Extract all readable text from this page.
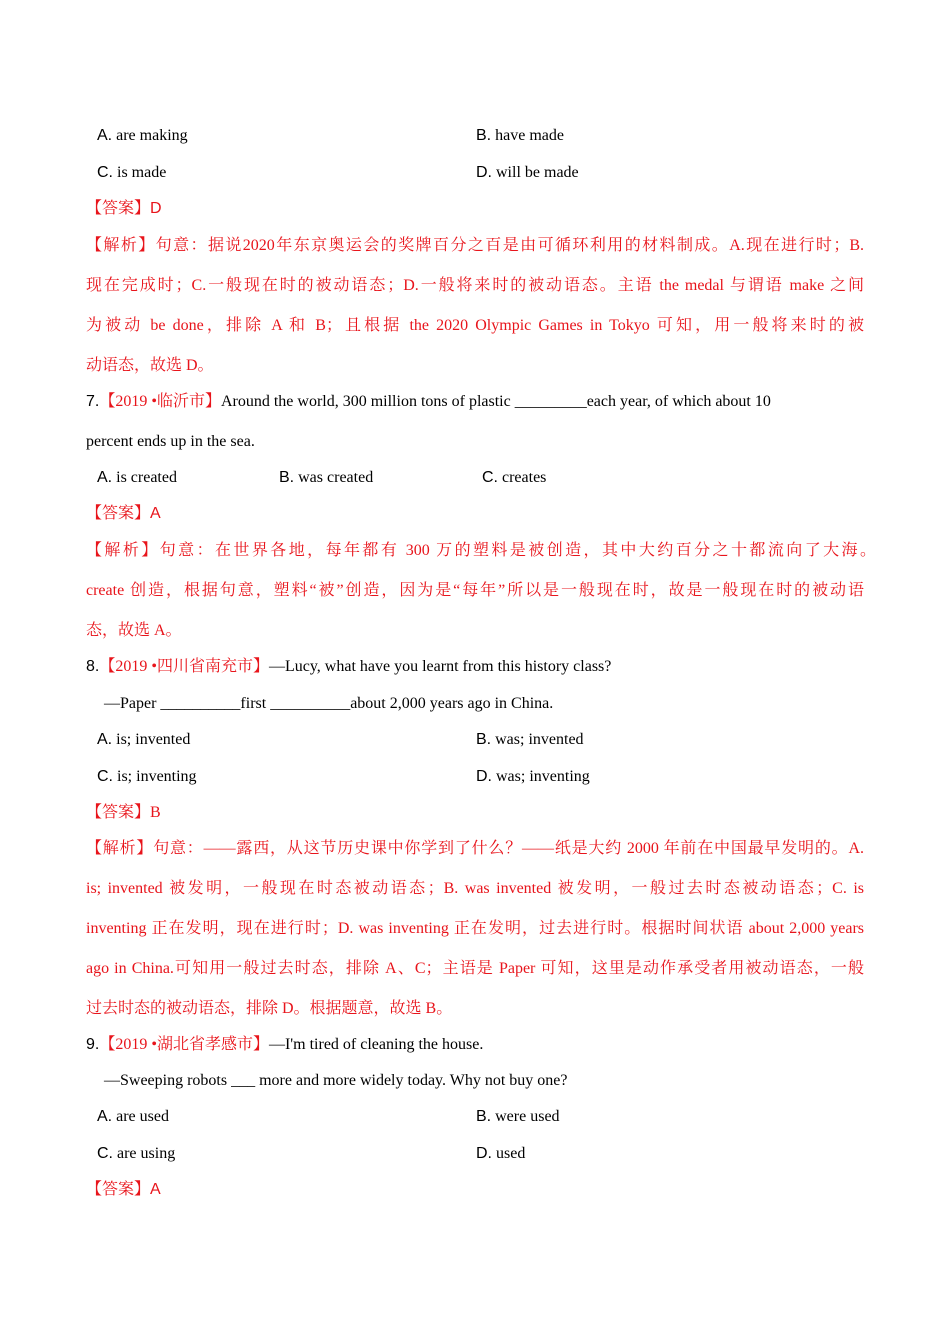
A. are making	B. have made
C. is made	D. will be made
【答案】D
【解析】句意：据说2020年东京奥运会的奖牌百分之百是由可循环利用的材料制成。A.现在进行时；B.
现在完成时；C.一般现在时的被动语态；D.一般将来时的被动语态。主语 the medal 与谓语 make 之间
为被动 be done，排除 A 和 B；且根据 the 2020 Olympic Games in Tokyo 可知，用一般将来时的被
动语态，故选 D。
7.【2019 •临沂市】Around the world, 300 million tons of plastic _________each year, of which about 10
percent ends up in the sea.
A. is created	B. was created	C. creates
【答案】A
【解析】句意：在世界各地，每年都有 300 万的塑料是被创造，其中大约百分之十都流向了大海。
create 创造，根据句意，塑料“被”创造，因为是“每年”所以是一般现在时，故是一般现在时的被动语
态，故选 A。
8.【2019 •四川省南充市】—Lucy, what have you learnt from this history class?
—Paper __________first __________about 2,000 years ago in China.
A. is; invented	B. was; invented
C. is; inventing	D. was; inventing
【答案】B
【解析】句意：——露西，从这节历史课中你学到了什么？——纸是大约 2000 年前在中国最早发明的。A.
is; invented 被发明，一般现在时态被动语态；B. was invented 被发明，一般过去时态被动语态；C. is
inventing 正在发明，现在进行时；D. was inventing 正在发明，过去进行时。根据时间状语 about 2,000 years
ago in China.可知用一般过去时态，排除 A、C；主语是 Paper 可知，这里是动作承受者用被动语态，一般
过去时态的被动语态，排除 D。根据题意，故选 B。
9.【2019 •湖北省孝感市】—I'm tired of cleaning the house.
—Sweeping robots ___ more and more widely today. Why not buy one?
A. are used	B. were used
C. are using	D. used
【答案】A
